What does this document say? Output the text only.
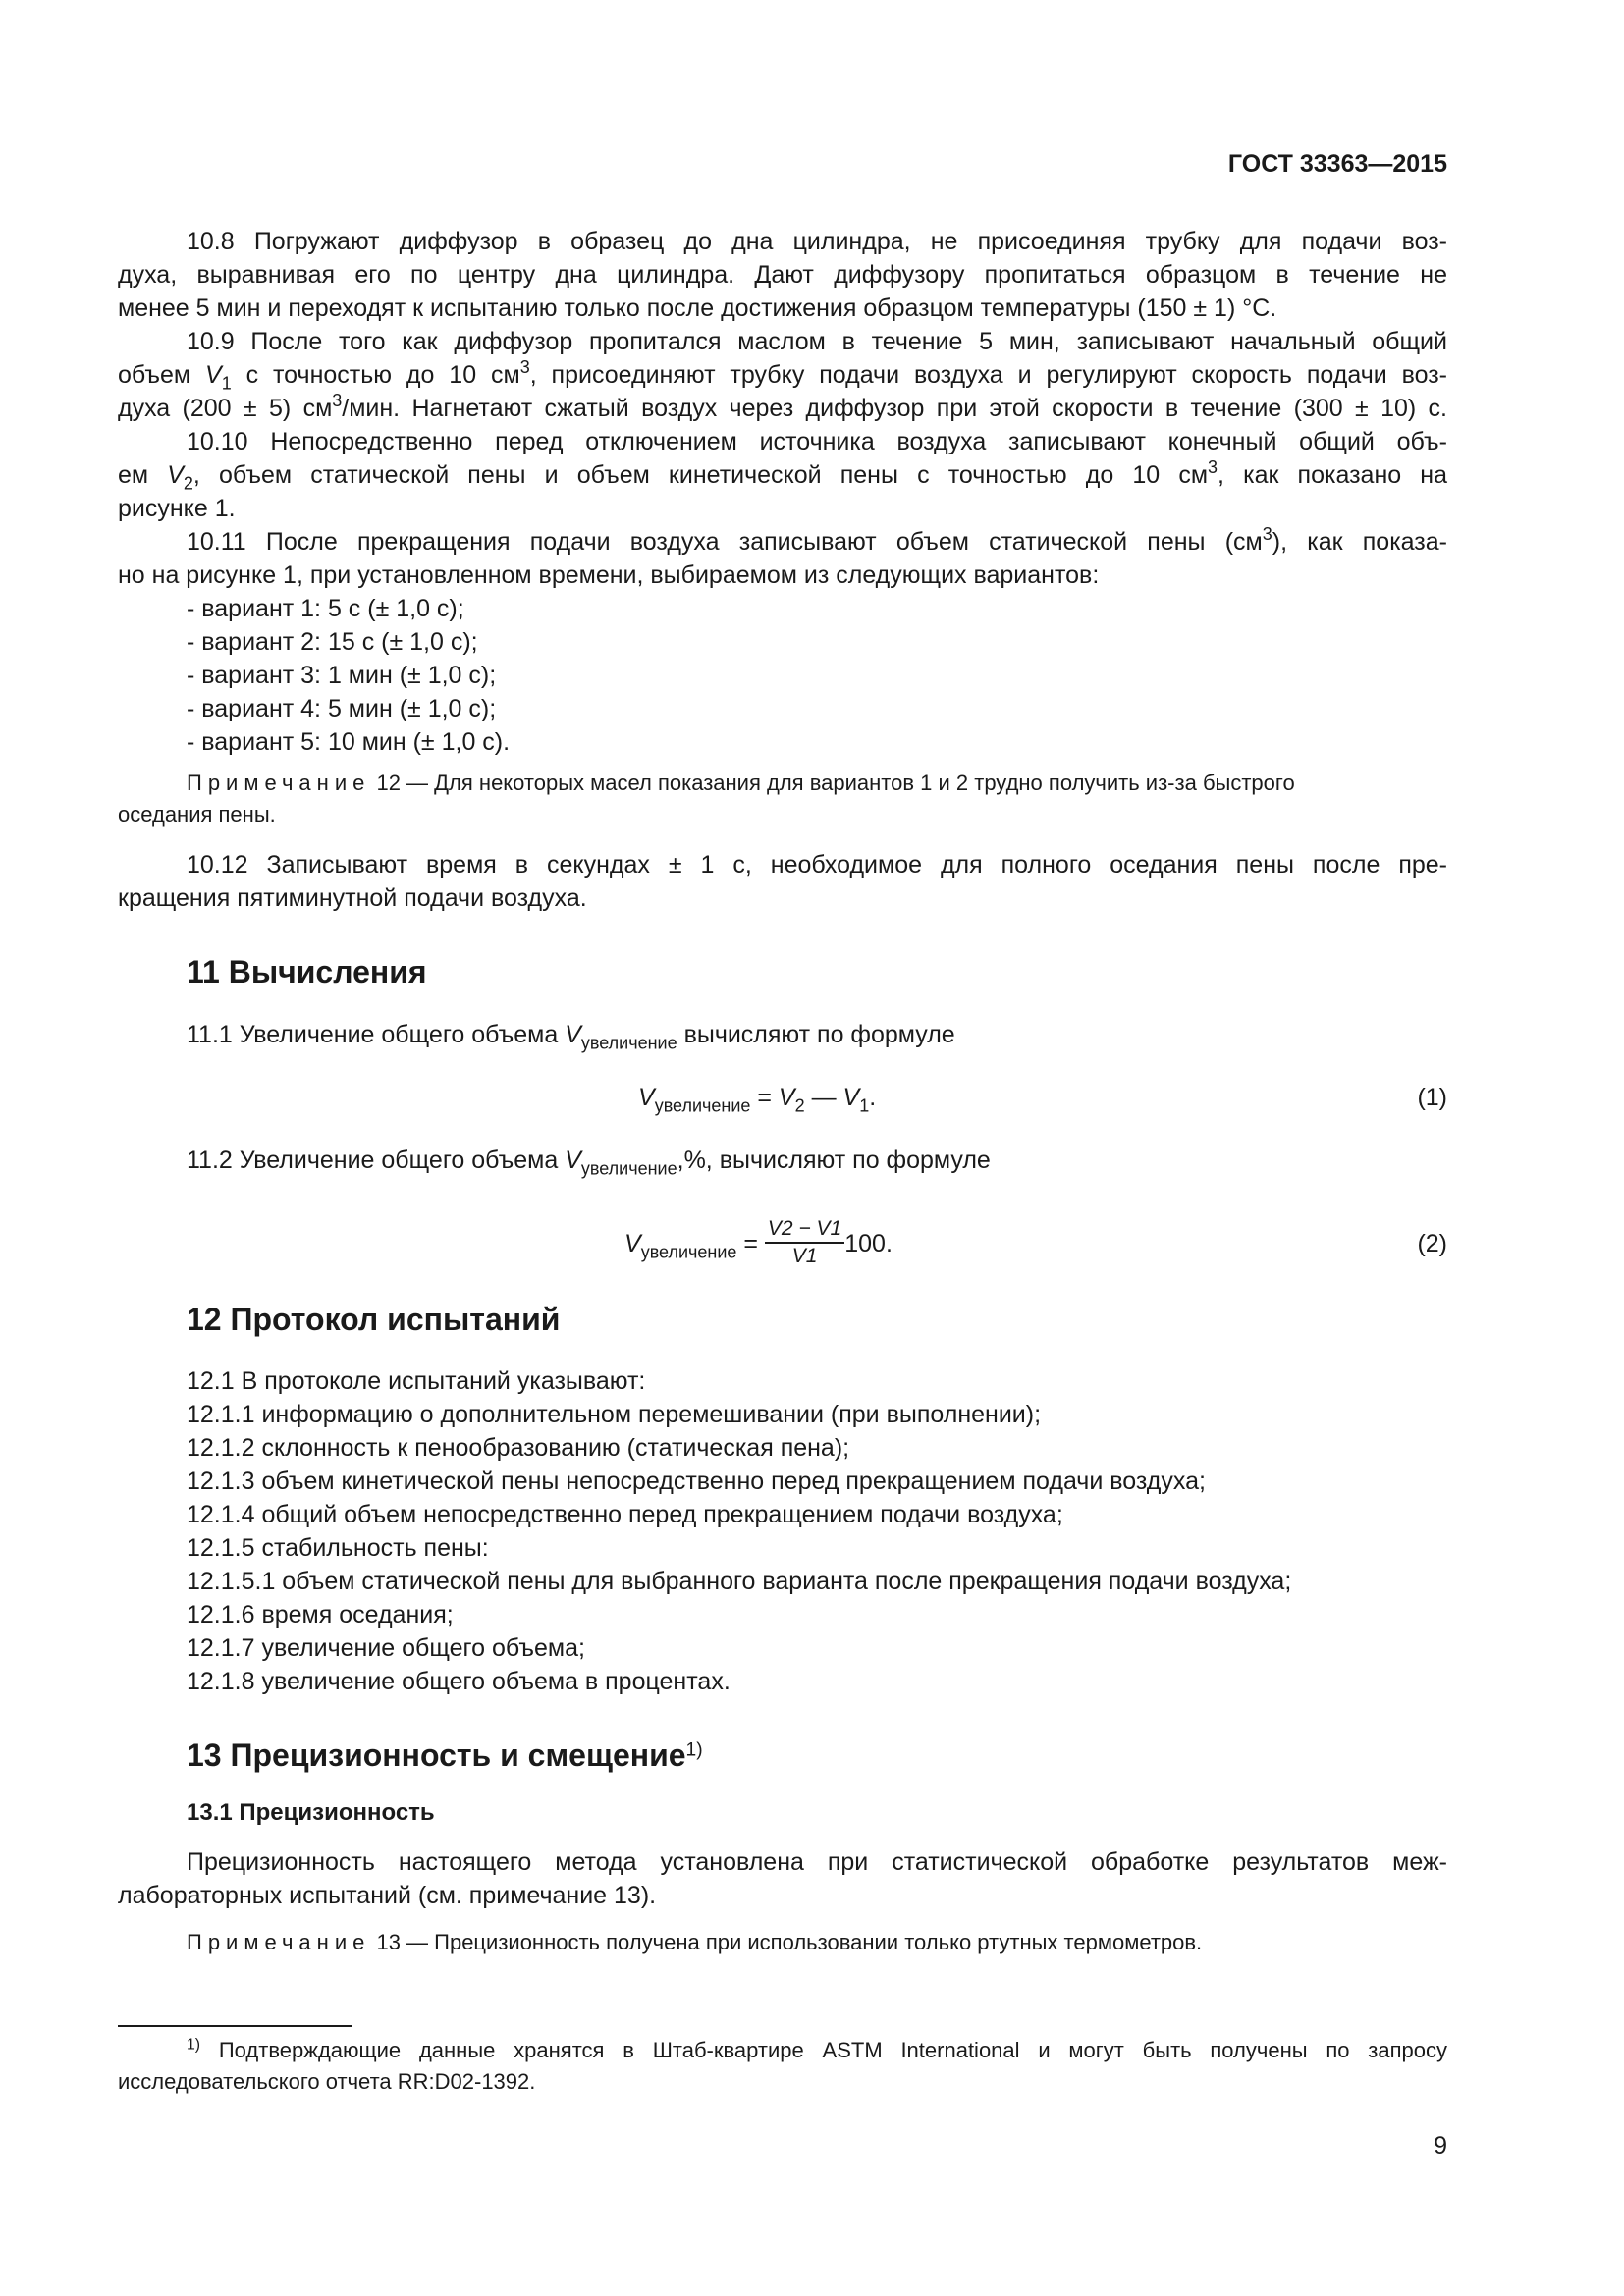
ГОСТ 33363—2015
10.8 Погружают диффузор в образец до дна цилиндра, не присоединяя трубку для подачи воз-
духа, выравнивая его по центру дна цилиндра. Дают диффузору пропитаться образцом в течение не
менее 5 мин и переходят к испытанию только после достижения образцом температуры (150 ± 1) °С.
10.9 После того как диффузор пропитался маслом в течение 5 мин, записывают начальный общий
объем $V_1$ с точностью до 10 $см^3$, присоединяют трубку подачи воздуха и регулируют скорость подачи воз-
духа (200 ± 5) $см^3$/мин. Нагнетают сжатый воздух через диффузор при этой скорости в течение (300 ± 10) с.
10.10 Непосредственно перед отключением источника воздуха записывают конечный общий объ-
ем $V_2$, объем статической пены и объем кинетической пены с точностью до 10 $см^3$, как показано на
рисунке 1.
10.11 После прекращения подачи воздуха записывают объем статической пены $(см^3)$, как показа-
но на рисунке 1, при установленном времени, выбираемом из следующих вариантов:
- вариант 1: 5 с (± 1,0 с);
- вариант 2: 15 с (± 1,0 с);
- вариант 3: 1 мин (± 1,0 с);
- вариант 4: 5 мин (± 1,0 с);
- вариант 5: 10 мин (± 1,0 с).
Примечание 12 — Для некоторых масел показания для вариантов 1 и 2 трудно получить из-за быстрого
оседания пены.
10.12 Записывают время в секундах ± 1 с, необходимое для полного оседания пены после пре-
кращения пятиминутной подачи воздуха.
11 Вычисления
11.1 Увеличение общего объема $V_{увеличение}$ вычисляют по формуле
$V_{увеличение} = V_2$ — $V_1$.	(1)
11.2 Увеличение общего объема $V_{увеличение},\%$, вычисляют по формуле
$V_{увеличение} = \frac{V2 - V1}{V1} 100$.	(2)
12 Протокол испытаний
12.1 В протоколе испытаний указывают:
12.1.1 информацию о дополнительном перемешивании (при выполнении);
12.1.2 склонность к пенообразованию (статическая пена);
12.1.3 объем кинетической пены непосредственно перед прекращением подачи воздуха;
12.1.4 общий объем непосредственно перед прекращением подачи воздуха;
12.1.5 стабильность пены:
12.1.5.1 объем статической пены для выбранного варианта после прекращения подачи воздуха;
12.1.6 время оседания;
12.1.7 увеличение общего объема;
12.1.8 увеличение общего объема в процентах.
13 Прецизионность и смещение$^{1)}$
13.1 Прецизионность
Прецизионность настоящего метода установлена при статистической обработке результатов меж-
лабораторных испытаний (см. примечание 13).
Примечание 13 — Прецизионность получена при использовании только ртутных термометров.
$^{1)}$ Подтверждающие данные хранятся в Штаб-квартире ASTM International и могут быть получены по запросу
исследовательского отчета RR:D02-1392.
9
